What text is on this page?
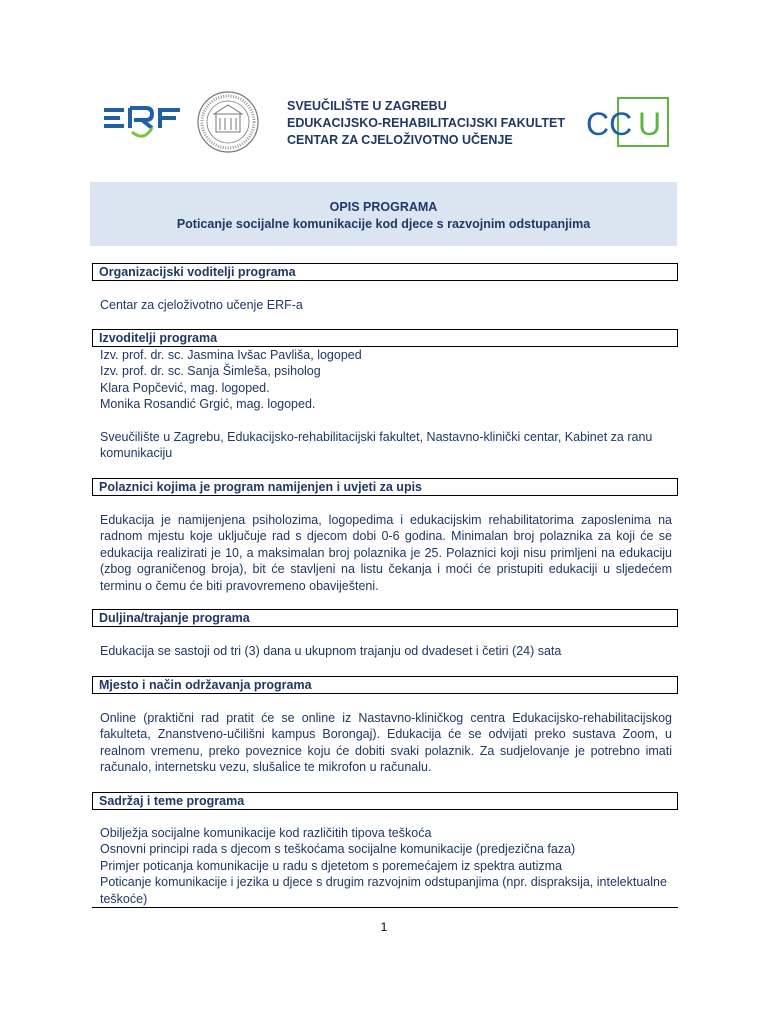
SVEUČILIŠTE U ZAGREBU
EDUKACIJSKO-REHABILITACIJSKI FAKULTET
CENTAR ZA CJELOŽIVOTNO UČENJE	CC U
OPIS PROGRAMA
Poticanje socijalne komunikacije kod djece s razvojnim odstupanjima
Organizacijski voditelji programa
Centar za cjeloživotno učenje ERF-a
Izvoditelji programa
Izv. prof. dr. sc. Jasmina Ivšac Pavliša, logoped
Izv. prof. dr. sc. Sanja Šimleša, psiholog
Klara Popčević, mag. logoped.
Monika Rosandić Grgić, mag. logoped.
Sveučilište u Zagrebu, Edukacijsko-rehabilitacijski fakultet, Nastavno-klinički centar, Kabinet za ranu komunikaciju
Polaznici kojima je program namijenjen i uvjeti za upis
Edukacija je namijenjena psiholozima, logopedima i edukacijskim rehabilitatorima zaposlenima na radnom mjestu koje uključuje rad s djecom dobi 0-6 godina. Minimalan broj polaznika za koji će se edukacija realizirati je 10, a maksimalan broj polaznika je 25. Polaznici koji nisu primljeni na edukaciju (zbog ograničenog broja), bit će stavljeni na listu čekanja i moći će pristupiti edukaciji u sljedećem terminu o čemu će biti pravovremeno obaviješteni.
Duljina/trajanje programa
Edukacija se sastoji od tri (3) dana u ukupnom trajanju od dvadeset i četiri (24) sata
Mjesto i način održavanja programa
Online (praktični rad pratit će se online iz Nastavno-kliničkog centra Edukacijsko-rehabilitacijskog fakulteta, Znanstveno-učilišni kampus Borongaj). Edukacija će se odvijati preko sustava Zoom, u realnom vremenu, preko poveznice koju će dobiti svaki polaznik. Za sudjelovanje je potrebno imati računalo, internetsku vezu, slušalice te mikrofon u računalu.
Sadržaj i teme programa
Obilježja socijalne komunikacije kod različitih tipova teškoća
Osnovni principi rada s djecom s teškoćama socijalne komunikacije (predjezična faza)
Primjer poticanja komunikacije u radu s djetetom s poremećajem iz spektra autizma
Poticanje komunikacije i jezika u djece s drugim razvojnim odstupanjima (npr. dispraksija, intelektualne teškoće)
1
